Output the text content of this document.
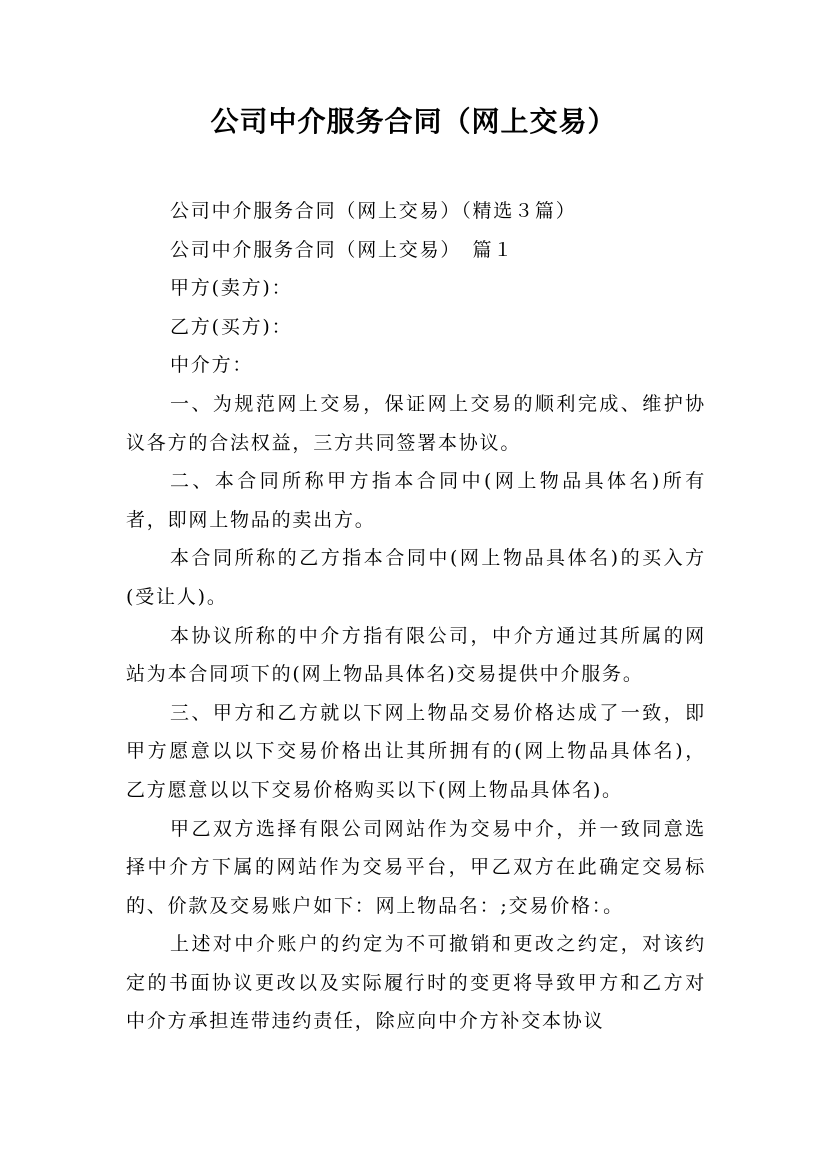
公司中介服务合同（网上交易）

公司中介服务合同（网上交易）（精选３篇）

公司中介服务合同（网上交易）　篇１

甲方(卖方)：

乙方(买方)：

中介方：

一、为规范网上交易，保证网上交易的顺利完成、维护协议各方的合法权益，三方共同签署本协议。

二、本合同所称甲方指本合同中(网上物品具体名)所有者，即网上物品的卖出方。

本合同所称的乙方指本合同中(网上物品具体名)的买入方(受让人)。

本协议所称的中介方指有限公司，中介方通过其所属的网站为本合同项下的(网上物品具体名)交易提供中介服务。

三、甲方和乙方就以下网上物品交易价格达成了一致，即甲方愿意以以下交易价格出让其所拥有的(网上物品具体名)，乙方愿意以以下交易价格购买以下(网上物品具体名)。

甲乙双方选择有限公司网站作为交易中介，并一致同意选择中介方下属的网站作为交易平台，甲乙双方在此确定交易标的、价款及交易账户如下：网上物品名：;交易价格：。

上述对中介账户的约定为不可撤销和更改之约定，对该约定的书面协议更改以及实际履行时的变更将导致甲方和乙方对中介方承担连带违约责任，除应向中介方补交本协议
